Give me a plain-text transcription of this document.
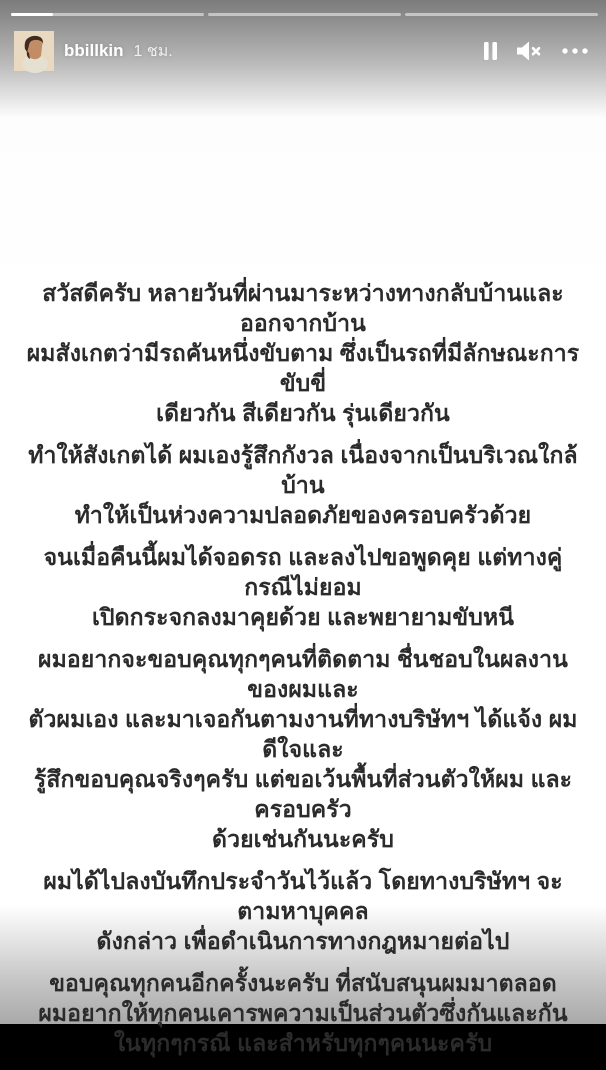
bbillkin 1 ชม.

สวัสดีครับ หลายวันที่ผ่านมาระหว่างทางกลับบ้านและออกจากบ้าน
ผมสังเกตว่ามีรถคันหนึ่งขับตาม ซึ่งเป็นรถที่มีลักษณะการขับขี่
เดียวกัน สีเดียวกัน รุ่นเดียวกัน

ทำให้สังเกตได้ ผมเองรู้สึกกังวล เนื่องจากเป็นบริเวณใกล้บ้าน
ทำให้เป็นห่วงความปลอดภัยของครอบครัวด้วย

จนเมื่อคืนนี้ผมได้จอดรถ และลงไปขอพูดคุย แต่ทางคู่กรณีไม่ยอม
เปิดกระจกลงมาคุยด้วย และพยายามขับหนี

ผมอยากจะขอบคุณทุกๆคนที่ติดตาม ชื่นชอบในผลงานของผมและ
ตัวผมเอง และมาเจอกันตามงานที่ทางบริษัทฯ ได้แจ้ง ผมดีใจและ
รู้สึกขอบคุณจริงๆครับ แต่ขอเว้นพื้นที่ส่วนตัวให้ผม และครอบครัว
ด้วยเช่นกันนะครับ

ผมได้ไปลงบันทึกประจำวันไว้แล้ว โดยทางบริษัทฯ จะตามหาบุคคล
ดังกล่าว เพื่อดำเนินการทางกฎหมายต่อไป

ขอบคุณทุกคนอีกครั้งนะครับ ที่สนับสนุนผมมาตลอด
ผมอยากให้ทุกคนเคารพความเป็นส่วนตัวซึ่งกันและกัน
ในทุกๆกรณี และสำหรับทุกๆคนนะครับ
